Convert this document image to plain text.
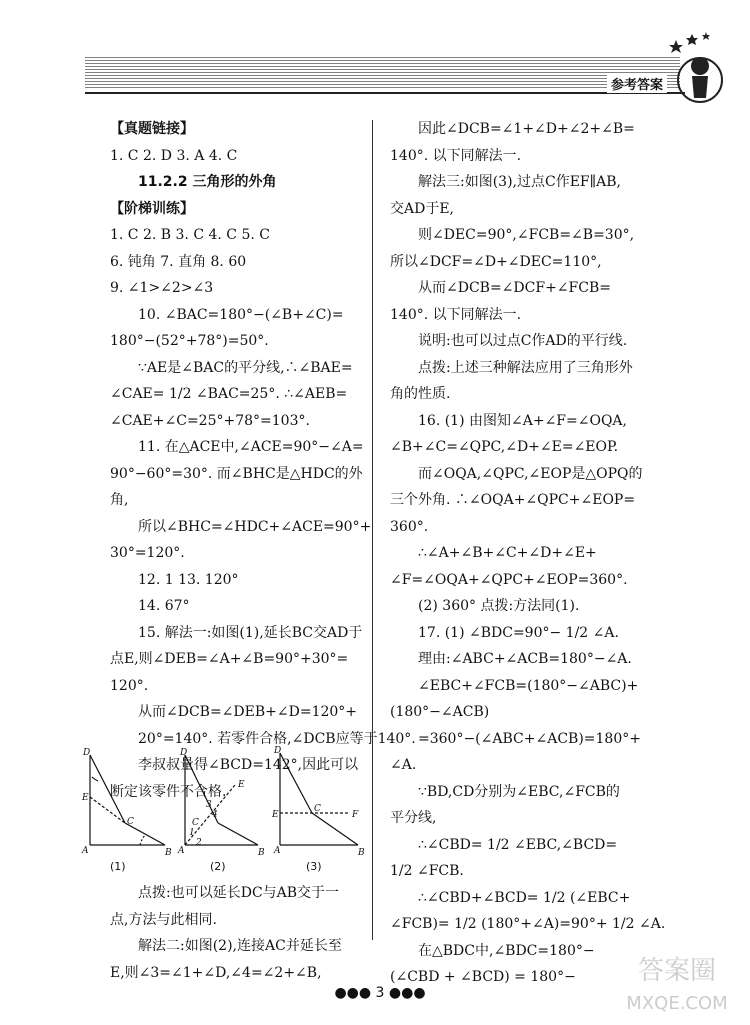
参考答案
【真题链接】
1. C 2. D 3. A 4. C
11.2.2 三角形的外角
【阶梯训练】
1. C 2. B 3. C 4. C 5. C
6. 钝角 7. 直角 8. 60
9. ∠1>∠2>∠3
10. ∠BAC=180°−(∠B+∠C)=
180°−(52°+78°)=50°.
∵AE是∠BAC的平分线,∴∠BAE=
∠CAE= 1/2 ∠BAC=25°. ∴∠AEB=
∠CAE+∠C=25°+78°=103°.
11. 在△ACE中,∠ACE=90°−∠A=
90°−60°=30°. 而∠BHC是△HDC的外
角,
所以∠BHC=∠HDC+∠ACE=90°+
30°=120°.
12. 1 13. 120°
14. 67°
15. 解法一:如图(1),延长BC交AD于
点E,则∠DEB=∠A+∠B=90°+30°=
120°.
从而∠DCB=∠DEB+∠D=120°+
20°=140°. 若零件合格,∠DCB应等于140°.
李叔叔量得∠BCD=142°,因此可以
断定该零件不合格.
因此∠DCB=∠1+∠D+∠2+∠B=
140°. 以下同解法一.
解法三:如图(3),过点C作EF∥AB,
交AD于E,
则∠DEC=90°,∠FCB=∠B=30°,
所以∠DCF=∠D+∠DEC=110°,
从而∠DCB=∠DCF+∠FCB=
140°. 以下同解法一.
说明:也可以过点C作AD的平行线.
点拨:上述三种解法应用了三角形外
角的性质.
16. (1) 由图知∠A+∠F=∠OQA,
∠B+∠C=∠QPC,∠D+∠E=∠EOP.
而∠OQA,∠QPC,∠EOP是△OPQ的
三个外角. ∴∠OQA+∠QPC+∠EOP=
360°.
∴∠A+∠B+∠C+∠D+∠E+
∠F=∠OQA+∠QPC+∠EOP=360°.
(2) 360° 点拨:方法同(1).
17. (1) ∠BDC=90°− 1/2 ∠A.
理由:∠ABC+∠ACB=180°−∠A.
∠EBC+∠FCB=(180°−∠ABC)+
(180°−∠ACB)
=360°−(∠ABC+∠ACB)=180°+
∠A.
∵BD,CD分别为∠EBC,∠FCB的
平分线,
∴∠CBD= 1/2 ∠EBC,∠BCD=
1/2 ∠FCB.
∴∠CBD+∠BCD= 1/2 (∠EBC+
∠FCB)= 1/2 (180°+∠A)=90°+ 1/2 ∠A.
在△BDC中,∠BDC=180°−
(∠CBD + ∠BCD) = 180°−
D
E
C
A	B
D
C
E
A	B
1
2
3
4
D
E
C
F
A	B
(1)	(2)	(3)
点拨:也可以延长DC与AB交于一
点,方法与此相同.
解法二:如图(2),连接AC并延长至
E,则∠3=∠1+∠D,∠4=∠2+∠B,
●●● 3 ●●●
答案圈
MXQE.COM
